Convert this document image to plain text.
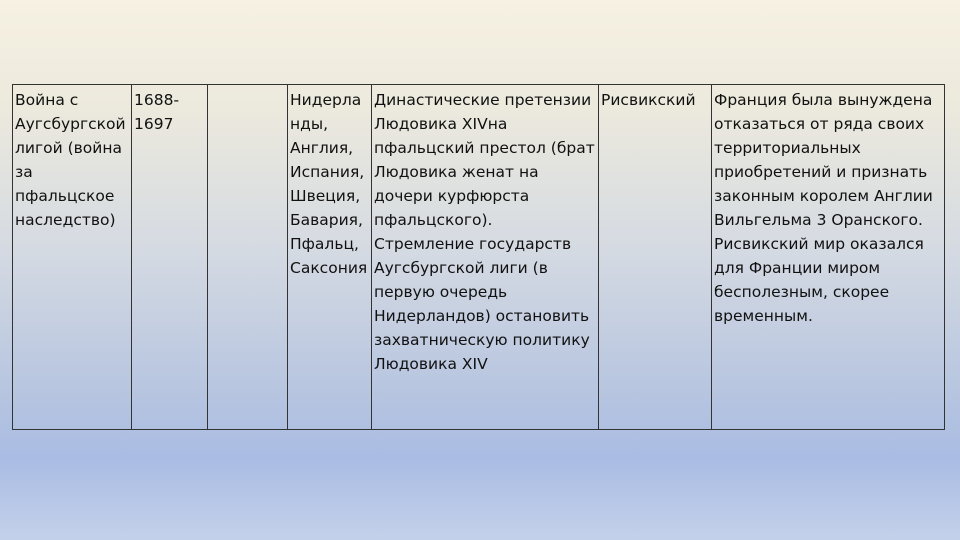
Война с
Аугсбургской
лигой (война
за
пфальцское
наследство)	1688-
1697		Нидерла
нды,
Англия,
Испания,
Швеция,
Бавария,
Пфальц,
Саксония	Династические претензии
Людовика XIVна
пфальцский престол (брат
Людовика женат на
дочери курфюрста
пфальцского).
Стремление государств
Аугсбургской лиги (в
первую очередь
Нидерландов) остановить
захватническую политику
Людовика XIV	Рисвикский	Франция была вынуждена
отказаться от ряда своих
территориальных
приобретений и признать
законным королем Англии
Вильгельма 3 Оранского.
Рисвикский мир оказался
для Франции миром
бесполезным, скорее
временным.
